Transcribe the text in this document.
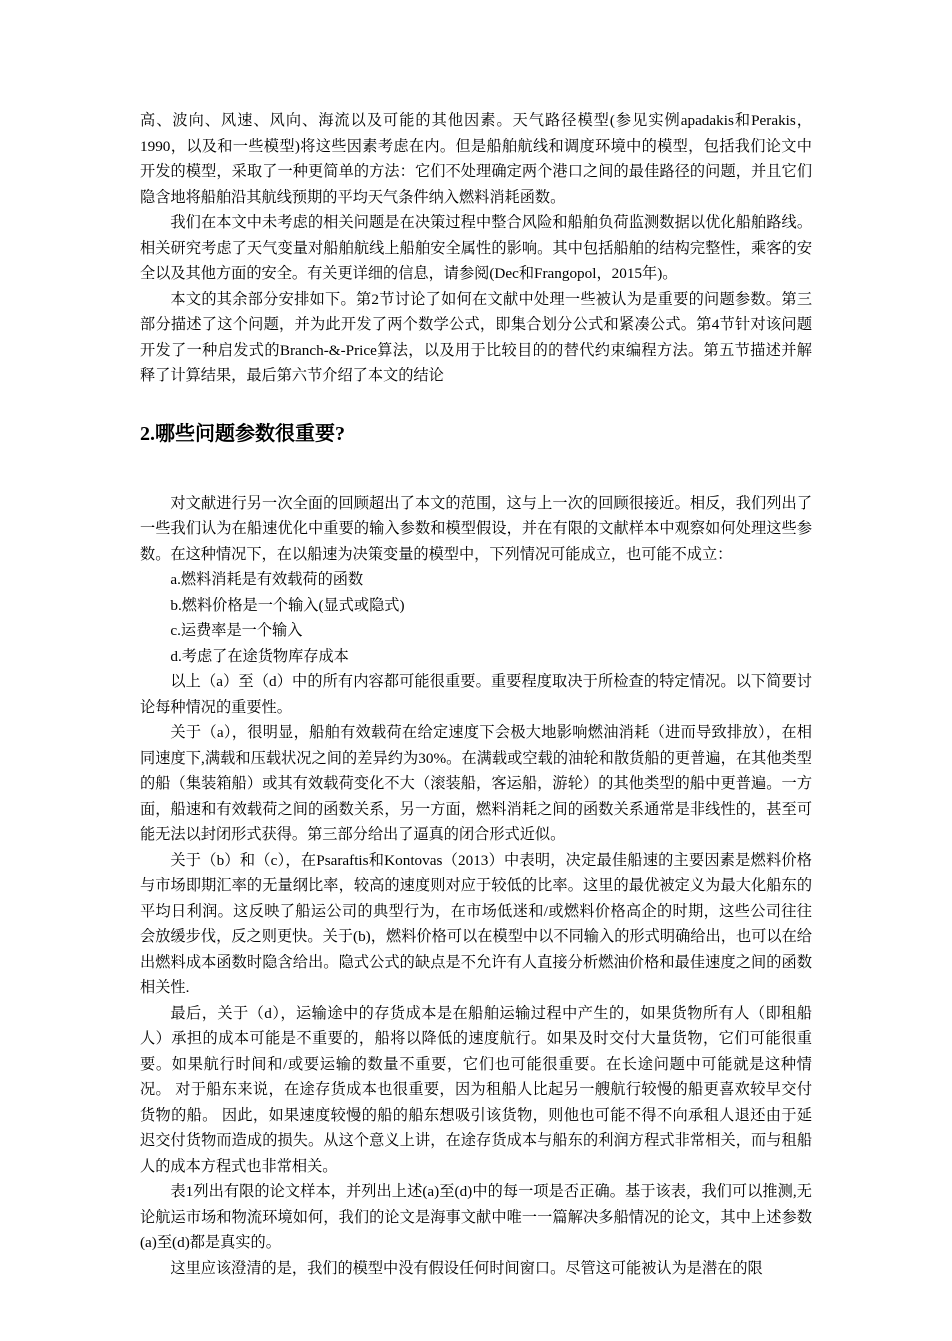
高、波向、风速、风向、海流以及可能的其他因素。天气路径模型(参见实例apadakis和Perakis，1990，以及和一些模型)将这些因素考虑在内。但是船舶航线和调度环境中的模型，包括我们论文中开发的模型，采取了一种更简单的方法：它们不处理确定两个港口之间的最佳路径的问题，并且它们隐含地将船舶沿其航线预期的平均天气条件纳入燃料消耗函数。

我们在本文中未考虑的相关问题是在决策过程中整合风险和船舶负荷监测数据以优化船舶路线。相关研究考虑了天气变量对船舶航线上船舶安全属性的影响。其中包括船舶的结构完整性，乘客的安全以及其他方面的安全。有关更详细的信息，请参阅(Dec和Frangopol，2015年)。

本文的其余部分安排如下。第2节讨论了如何在文献中处理一些被认为是重要的问题参数。第三部分描述了这个问题，并为此开发了两个数学公式，即集合划分公式和紧凑公式。第4节针对该问题开发了一种启发式的Branch-&-Price算法，以及用于比较目的的替代约束编程方法。第五节描述并解释了计算结果，最后第六节介绍了本文的结论

2.哪些问题参数很重要?

对文献进行另一次全面的回顾超出了本文的范围，这与上一次的回顾很接近。相反，我们列出了一些我们认为在船速优化中重要的输入参数和模型假设，并在有限的文献样本中观察如何处理这些参数。在这种情况下，在以船速为决策变量的模型中，下列情况可能成立，也可能不成立：

a.燃料消耗是有效载荷的函数
b.燃料价格是一个输入(显式或隐式)
c.运费率是一个输入
d.考虑了在途货物库存成本

以上（a）至（d）中的所有内容都可能很重要。重要程度取决于所检查的特定情况。以下简要讨论每种情况的重要性。

关于（a），很明显，船舶有效载荷在给定速度下会极大地影响燃油消耗（进而导致排放），在相同速度下,满载和压载状况之间的差异约为30%。在满载或空载的油轮和散货船的更普遍，在其他类型的船（集装箱船）或其有效载荷变化不大（滚装船，客运船，游轮）的其他类型的船中更普遍。一方面，船速和有效载荷之间的函数关系，另一方面，燃料消耗之间的函数关系通常是非线性的，甚至可能无法以封闭形式获得。第三部分给出了逼真的闭合形式近似。

关于（b）和（c），在Psaraftis和Kontovas（2013）中表明，决定最佳船速的主要因素是燃料价格与市场即期汇率的无量纲比率，较高的速度则对应于较低的比率。这里的最优被定义为最大化船东的平均日利润。这反映了船运公司的典型行为，在市场低迷和/或燃料价格高企的时期，这些公司往往会放缓步伐，反之则更快。关于(b)，燃料价格可以在模型中以不同输入的形式明确给出，也可以在给出燃料成本函数时隐含给出。隐式公式的缺点是不允许有人直接分析燃油价格和最佳速度之间的函数相关性.

最后，关于（d），运输途中的存货成本是在船舶运输过程中产生的，如果货物所有人（即租船人）承担的成本可能是不重要的，船将以降低的速度航行。如果及时交付大量货物，它们可能很重要。如果航行时间和/或要运输的数量不重要，它们也可能很重要。在长途问题中可能就是这种情况。 对于船东来说，在途存货成本也很重要，因为租船人比起另一艘航行较慢的船更喜欢较早交付货物的船。 因此，如果速度较慢的船的船东想吸引该货物，则他也可能不得不向承租人退还由于延迟交付货物而造成的损失。从这个意义上讲，在途存货成本与船东的利润方程式非常相关，而与租船人的成本方程式也非常相关。

表1列出有限的论文样本，并列出上述(a)至(d)中的每一项是否正确。基于该表，我们可以推测,无论航运市场和物流环境如何，我们的论文是海事文献中唯一一篇解决多船情况的论文，其中上述参数(a)至(d)都是真实的。

这里应该澄清的是，我们的模型中没有假设任何时间窗口。尽管这可能被认为是潜在的限
